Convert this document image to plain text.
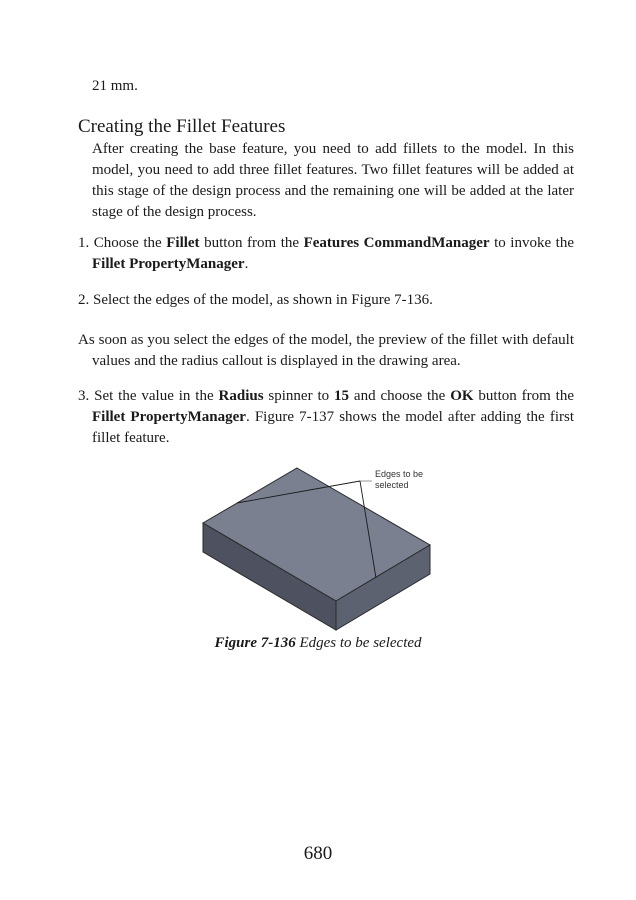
21 mm.
Creating the Fillet Features
After creating the base feature, you need to add fillets to the model. In this model, you need to add three fillet features. Two fillet features will be added at this stage of the design process and the remaining one will be added at the later stage of the design process.
1. Choose the Fillet button from the Features CommandManager to invoke the Fillet PropertyManager.
2. Select the edges of the model, as shown in Figure 7-136.
As soon as you select the edges of the model, the preview of the fillet with default values and the radius callout is displayed in the drawing area.
3. Set the value in the Radius spinner to 15 and choose the OK button from the Fillet PropertyManager. Figure 7-137 shows the model after adding the first fillet feature.
Edges to be
selected
Figure 7-136 Edges to be selected
680
